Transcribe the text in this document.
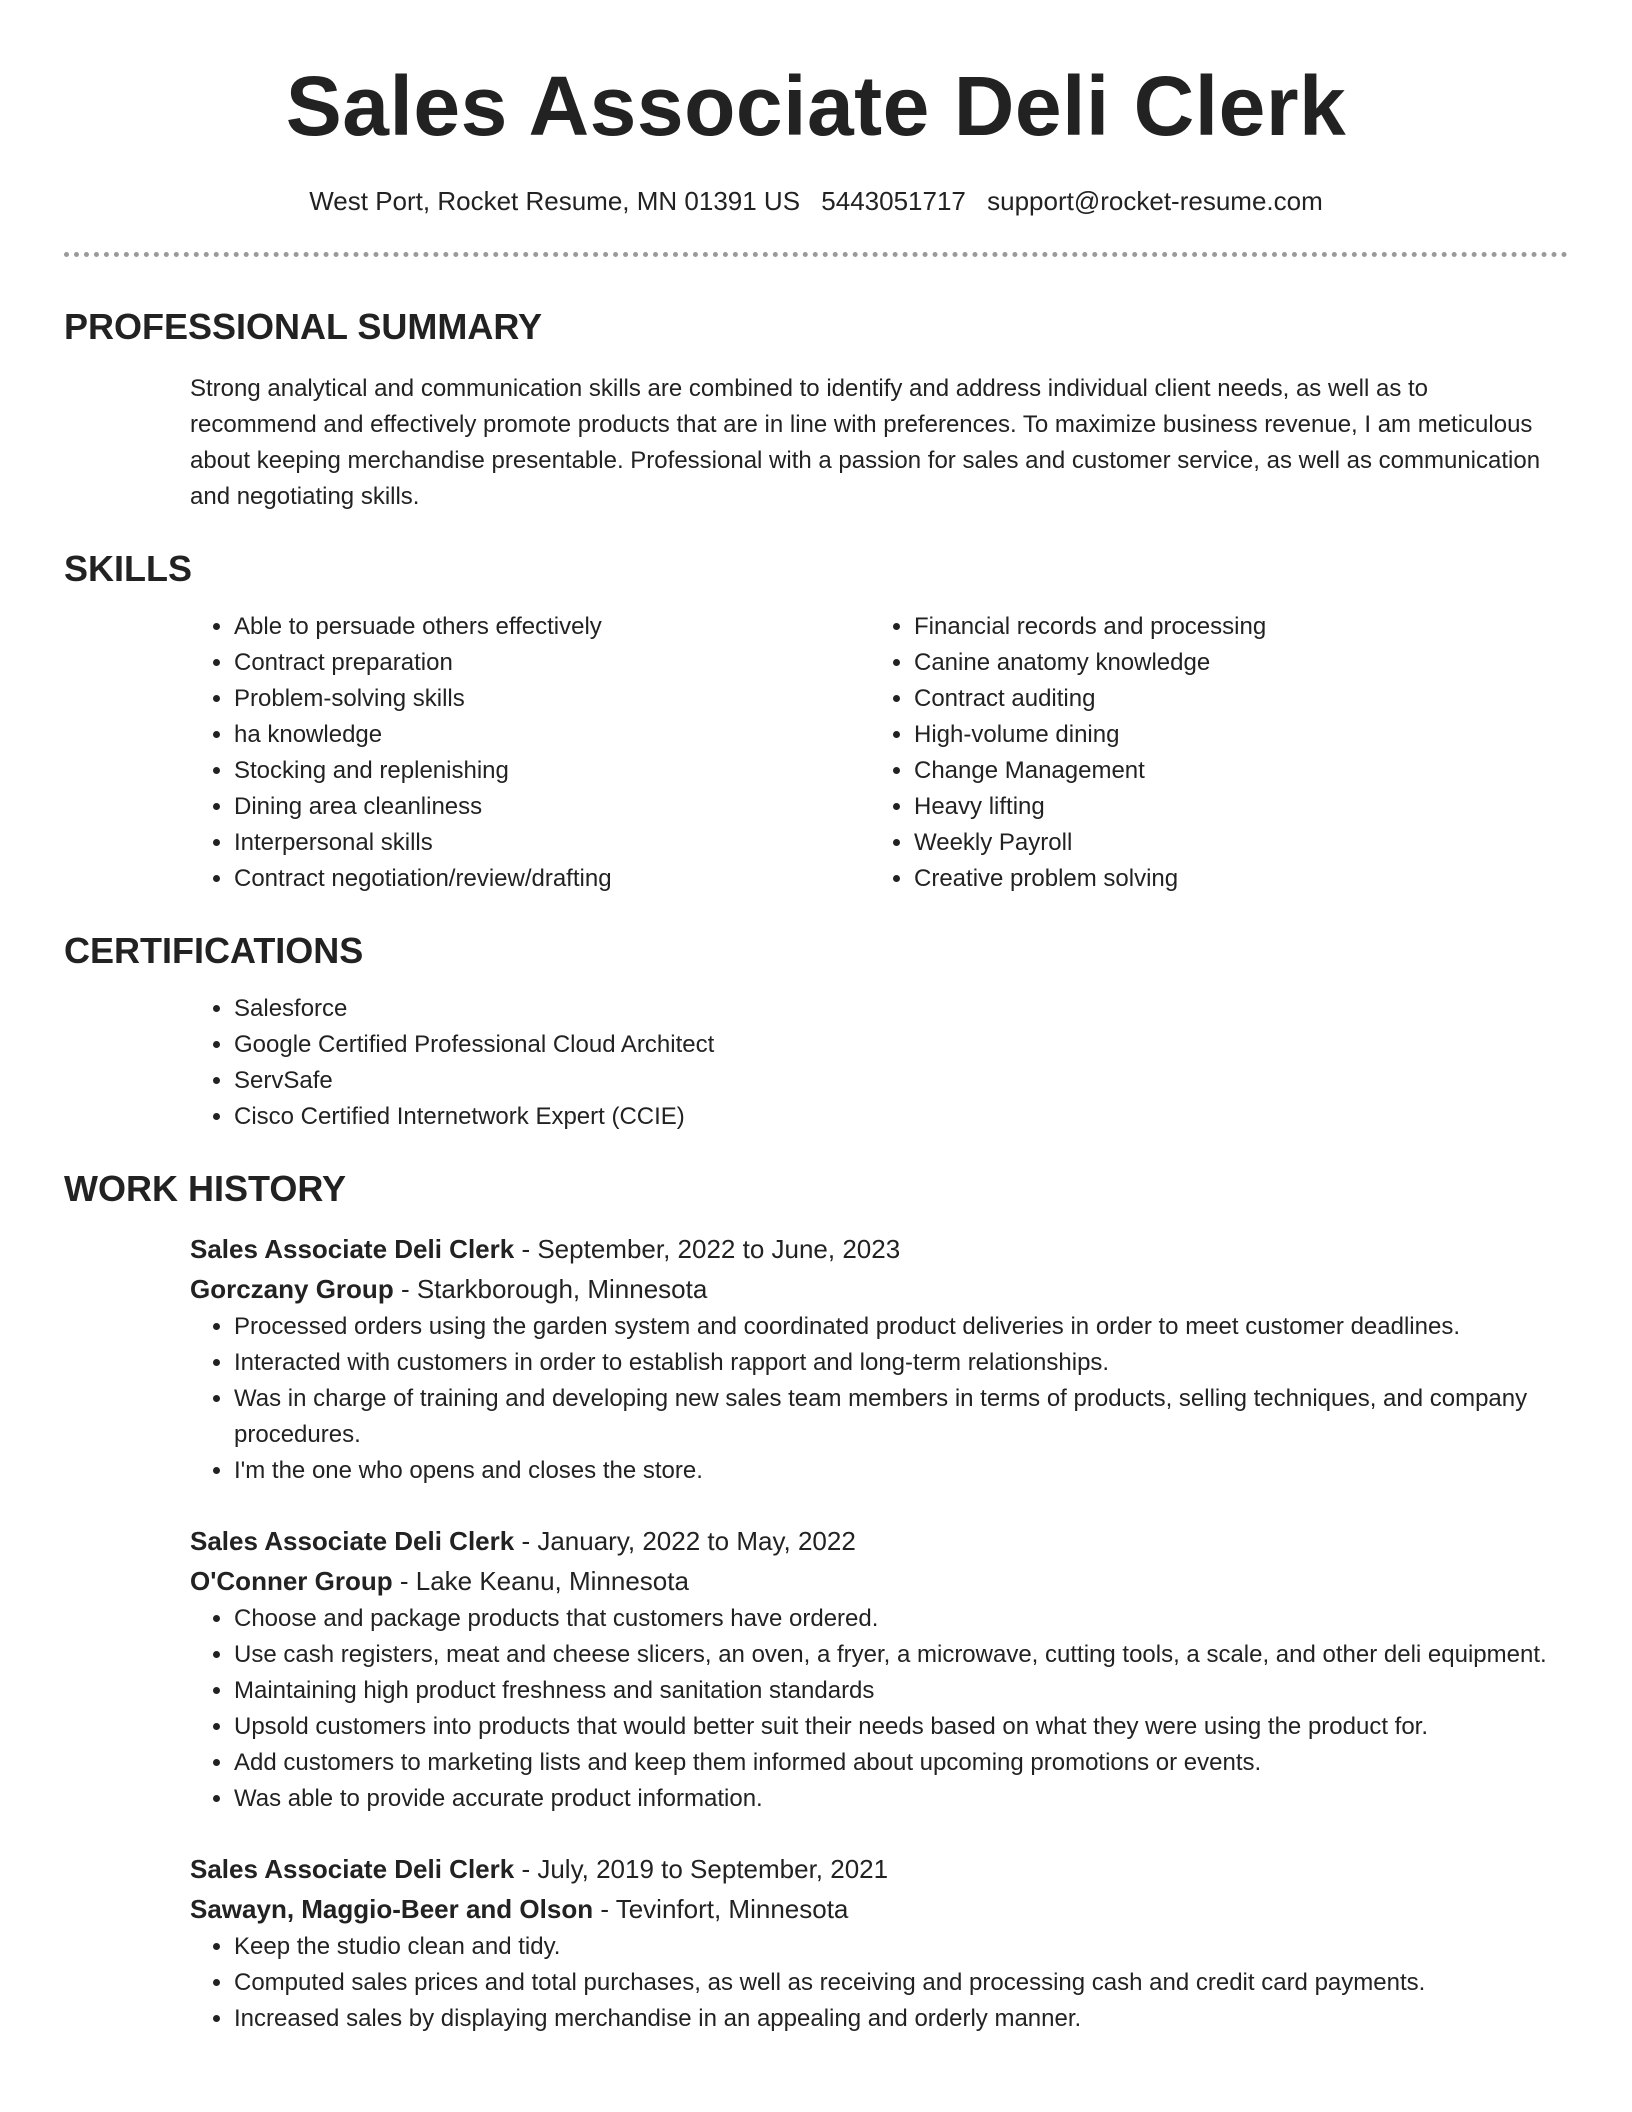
Sales Associate Deli Clerk
West Port, Rocket Resume, MN 01391 US 5443051717 support@rocket-resume.com
PROFESSIONAL SUMMARY
Strong analytical and communication skills are combined to identify and address individual client needs, as well as to recommend and effectively promote products that are in line with preferences. To maximize business revenue, I am meticulous about keeping merchandise presentable. Professional with a passion for sales and customer service, as well as communication and negotiating skills.
SKILLS
• Able to persuade others effectively
• Contract preparation
• Problem-solving skills
• ha knowledge
• Stocking and replenishing
• Dining area cleanliness
• Interpersonal skills
• Contract negotiation/review/drafting
• Financial records and processing
• Canine anatomy knowledge
• Contract auditing
• High-volume dining
• Change Management
• Heavy lifting
• Weekly Payroll
• Creative problem solving
CERTIFICATIONS
• Salesforce
• Google Certified Professional Cloud Architect
• ServSafe
• Cisco Certified Internetwork Expert (CCIE)
WORK HISTORY
Sales Associate Deli Clerk - September, 2022 to June, 2023
Gorczany Group - Starkborough, Minnesota
• Processed orders using the garden system and coordinated product deliveries in order to meet customer deadlines.
• Interacted with customers in order to establish rapport and long-term relationships.
• Was in charge of training and developing new sales team members in terms of products, selling techniques, and company procedures.
• I'm the one who opens and closes the store.
Sales Associate Deli Clerk - January, 2022 to May, 2022
O'Conner Group - Lake Keanu, Minnesota
• Choose and package products that customers have ordered.
• Use cash registers, meat and cheese slicers, an oven, a fryer, a microwave, cutting tools, a scale, and other deli equipment.
• Maintaining high product freshness and sanitation standards
• Upsold customers into products that would better suit their needs based on what they were using the product for.
• Add customers to marketing lists and keep them informed about upcoming promotions or events.
• Was able to provide accurate product information.
Sales Associate Deli Clerk - July, 2019 to September, 2021
Sawayn, Maggio-Beer and Olson - Tevinfort, Minnesota
• Keep the studio clean and tidy.
• Computed sales prices and total purchases, as well as receiving and processing cash and credit card payments.
• Increased sales by displaying merchandise in an appealing and orderly manner.
